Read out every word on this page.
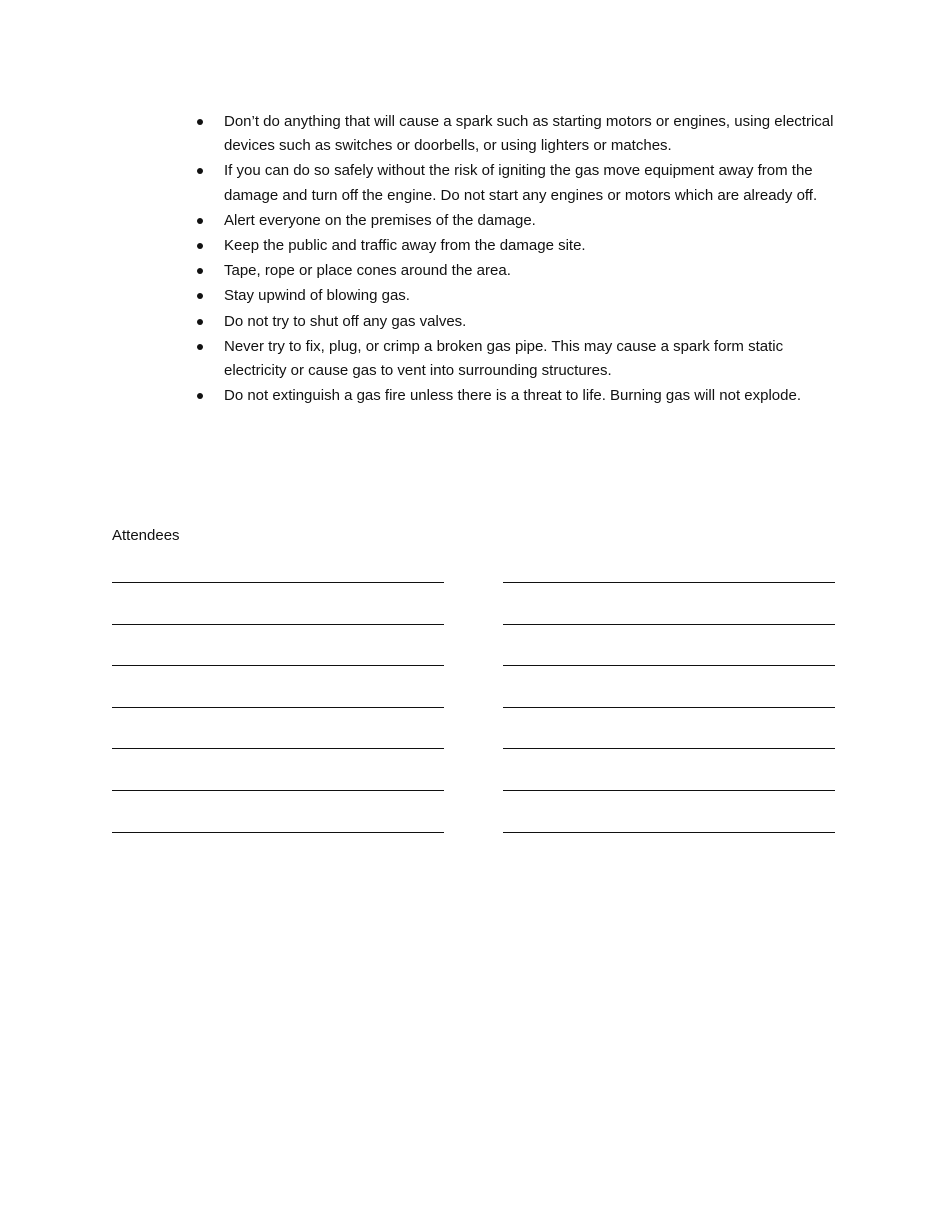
Don’t do anything that will cause a spark such as starting motors or engines, using electrical devices such as switches or doorbells, or using lighters or matches.
If you can do so safely without the risk of igniting the gas move equipment away from the damage and turn off the engine. Do not start any engines or motors which are already off.
Alert everyone on the premises of the damage.
Keep the public and traffic away from the damage site.
Tape, rope or place cones around the area.
Stay upwind of blowing gas.
Do not try to shut off any gas valves.
Never try to fix, plug, or crimp a broken gas pipe. This may cause a spark form static electricity or cause gas to vent into surrounding structures.
Do not extinguish a gas fire unless there is a threat to life. Burning gas will not explode.
Attendees
